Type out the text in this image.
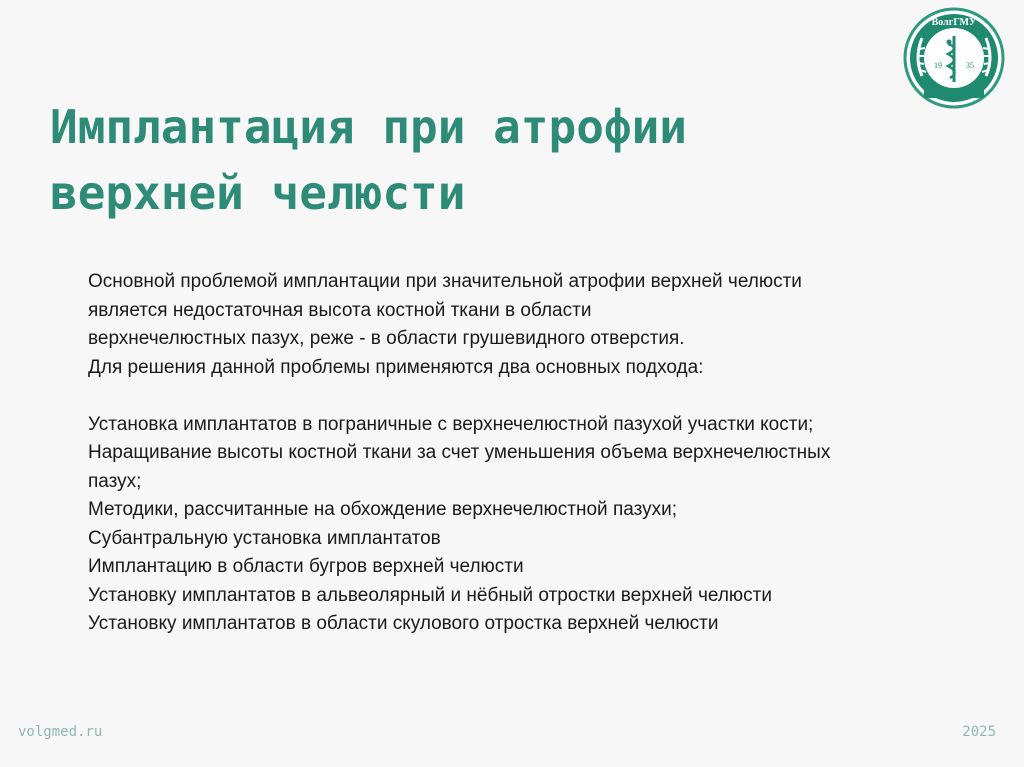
Имплантация при атрофии
верхней челюсти
ВолгГМУ
19	35

Основной проблемой имплантации при значительной атрофии верхней челюсти

является недостаточная высота костной ткани в области

верхнечелюстных пазух, реже - в области грушевидного отверстия.

Для решения данной проблемы применяются два основных подхода:

Установка имплантатов в пограничные с верхнечелюстной пазухой участки кости;

Наращивание высоты костной ткани за счет уменьшения объема верхнечелюстных

пазух;

Методики, рассчитанные на обхождение верхнечелюстной пазухи;

Субантральную установка имплантатов

Имплантацию в области бугров верхней челюсти

Установку имплантатов в альвеолярный и нёбный отростки верхней челюсти

Установку имплантатов в области скулового отростка верхней челюсти

volgmed.ru	2025
